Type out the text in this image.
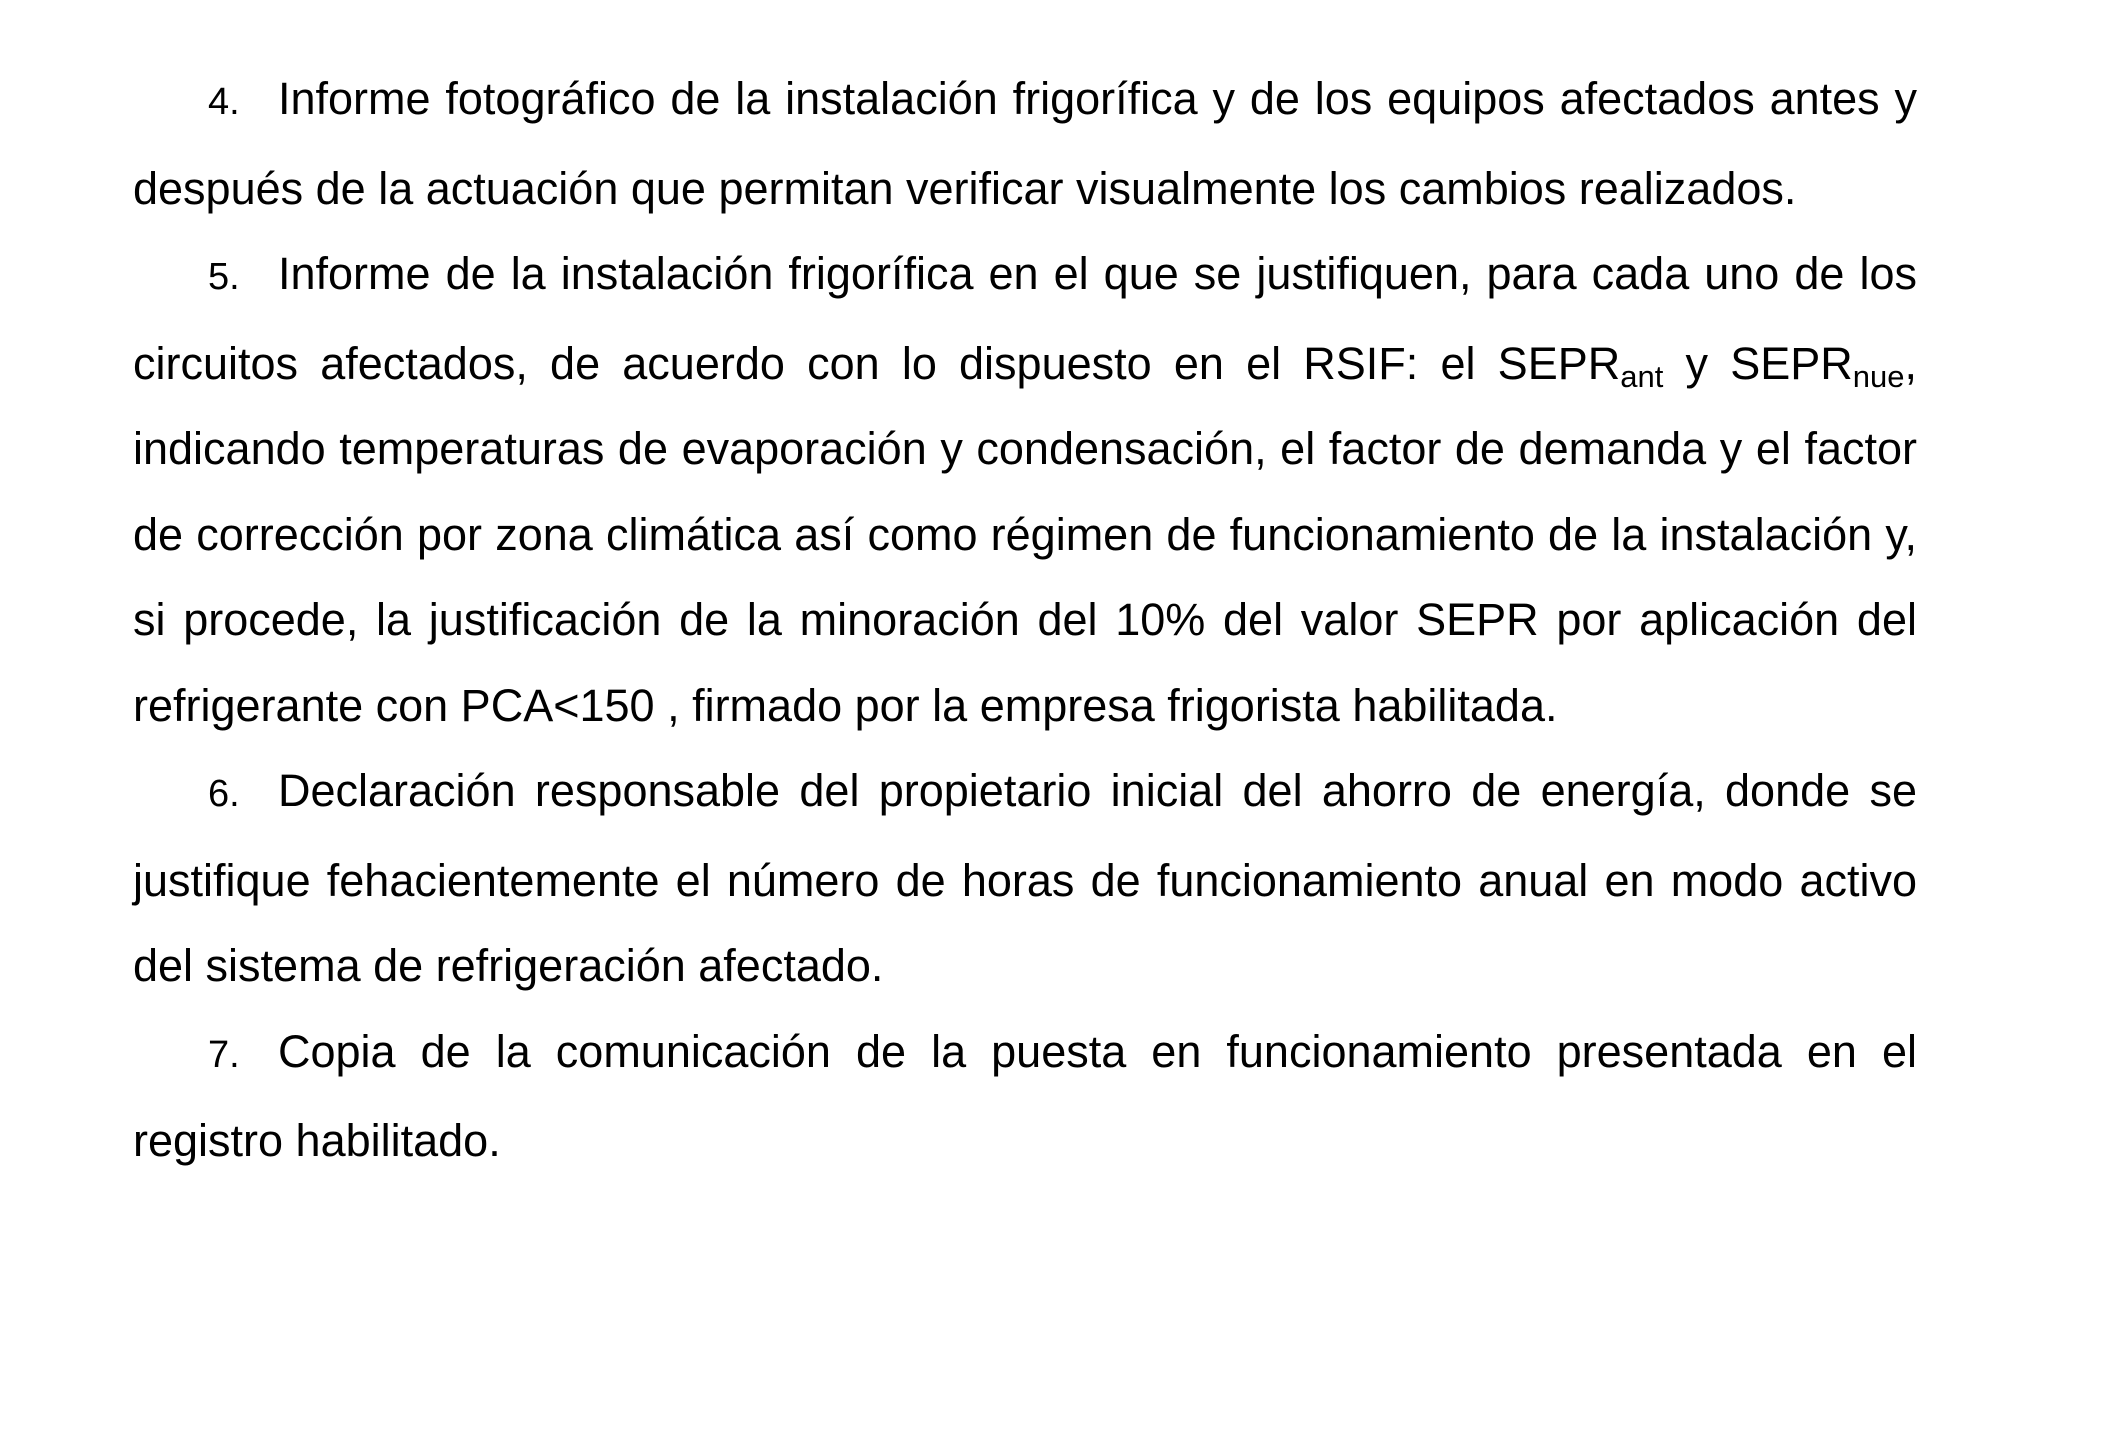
4. Informe fotográfico de la instalación frigorífica y de los equipos afectados antes y después de la actuación que permitan verificar visualmente los cambios realizados.

5. Informe de la instalación frigorífica en el que se justifiquen, para cada uno de los circuitos afectados, de acuerdo con lo dispuesto en el RSIF: el $SEPR_{ant}$ y $SEPR_{nue}$, indicando temperaturas de evaporación y condensación, el factor de demanda y el factor de corrección por zona climática así como régimen de funcionamiento de la instalación y, si procede, la justificación de la minoración del 10% del valor SEPR por aplicación del refrigerante con PCA<150 , firmado por la empresa frigorista habilitada.

6. Declaración responsable del propietario inicial del ahorro de energía, donde se justifique fehacientemente el número de horas de funcionamiento anual en modo activo del sistema de refrigeración afectado.

7. Copia de la comunicación de la puesta en funcionamiento presentada en el registro habilitado.
